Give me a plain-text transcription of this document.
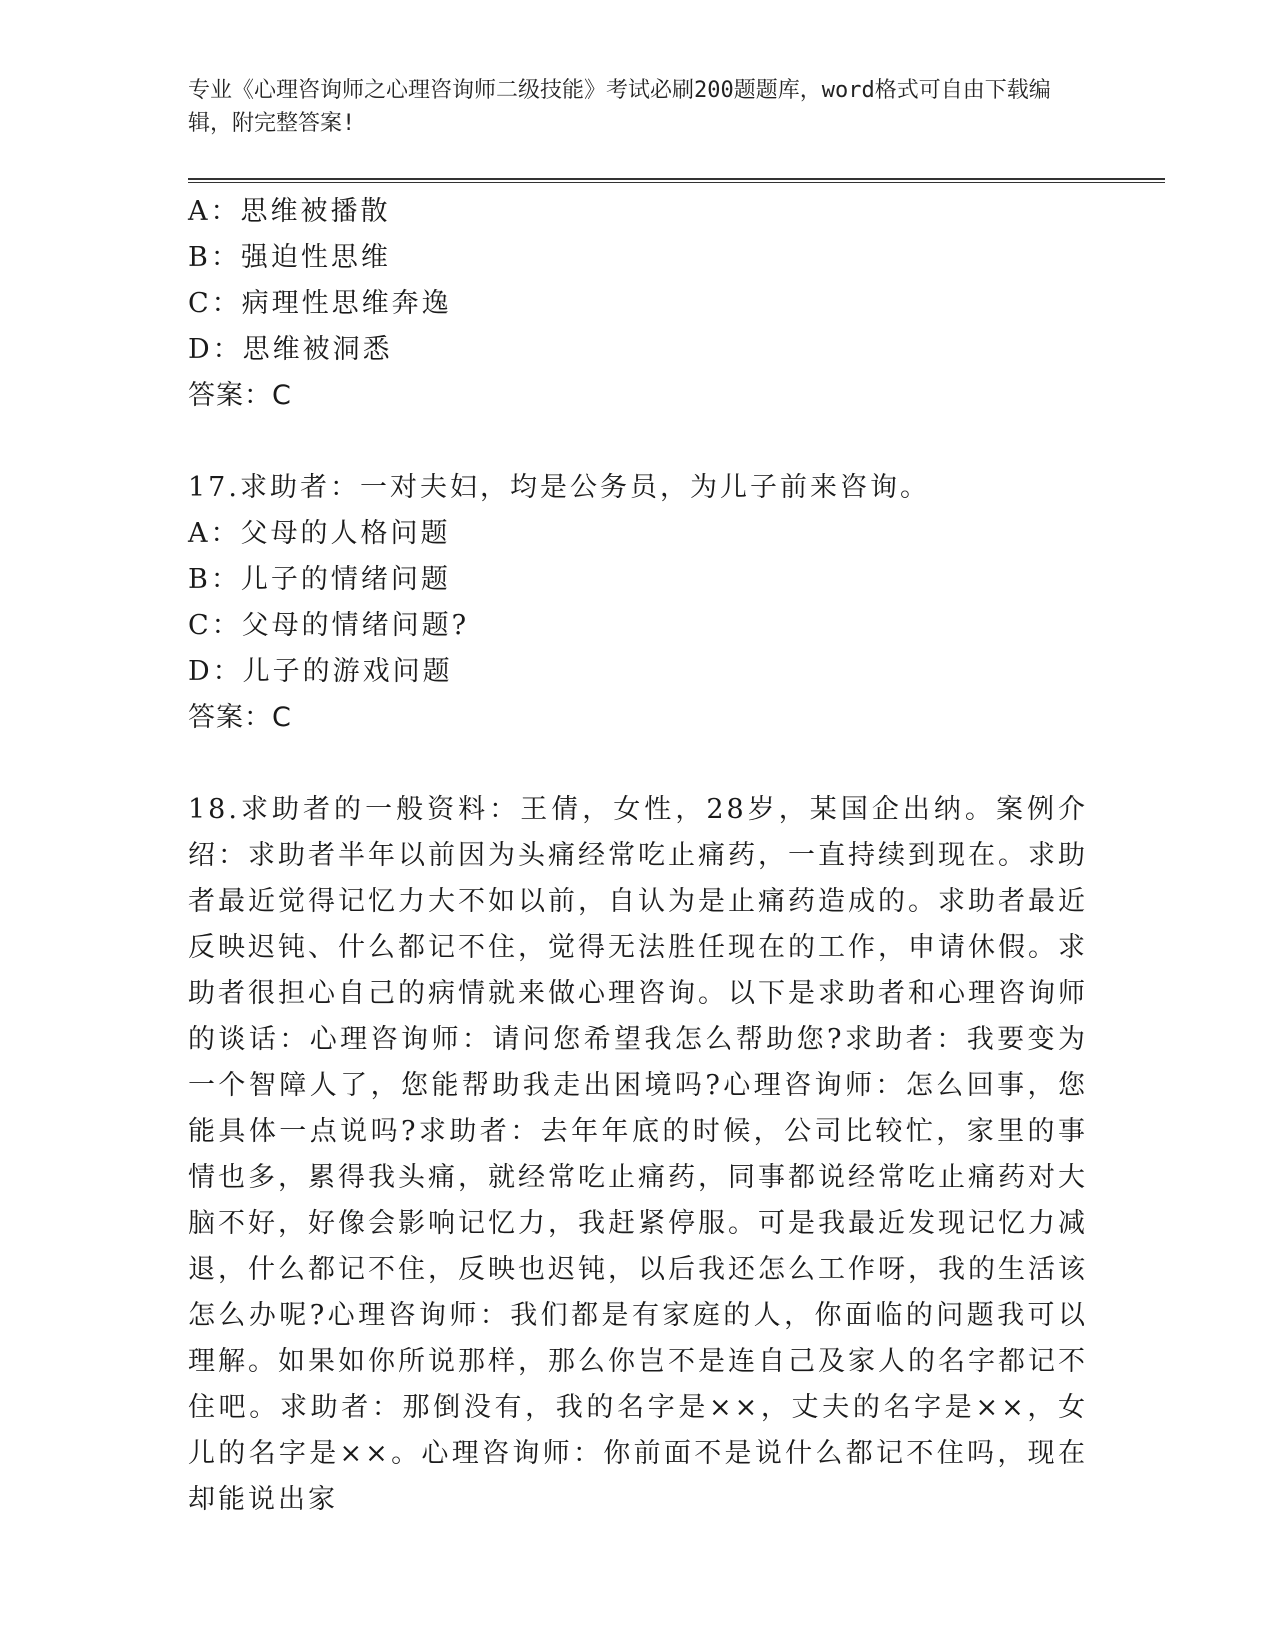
专业《心理咨询师之心理咨询师二级技能》考试必刷200题题库，word格式可自由下载编辑，附完整答案!
A：思维被播散
B：强迫性思维
C：病理性思维奔逸
D：思维被洞悉
答案：C
17.求助者：一对夫妇，均是公务员，为儿子前来咨询。
A：父母的人格问题
B：儿子的情绪问题
C：父母的情绪问题?
D：儿子的游戏问题
答案：C
18.求助者的一般资料：王倩，女性，28岁，某国企出纳。案例介绍：求助者半年以前因为头痛经常吃止痛药，一直持续到现在。求助者最近觉得记忆力大不如以前，自认为是止痛药造成的。求助者最近反映迟钝、什么都记不住，觉得无法胜任现在的工作，申请休假。求助者很担心自己的病情就来做心理咨询。以下是求助者和心理咨询师的谈话：心理咨询师：请问您希望我怎么帮助您?求助者：我要变为一个智障人了，您能帮助我走出困境吗?心理咨询师：怎么回事，您能具体一点说吗?求助者：去年年底的时候，公司比较忙，家里的事情也多，累得我头痛，就经常吃止痛药，同事都说经常吃止痛药对大脑不好，好像会影响记忆力，我赶紧停服。可是我最近发现记忆力减退，什么都记不住，反映也迟钝，以后我还怎么工作呀，我的生活该怎么办呢?心理咨询师：我们都是有家庭的人，你面临的问题我可以理解。如果如你所说那样，那么你岂不是连自己及家人的名字都记不住吧。求助者：那倒没有，我的名字是××，丈夫的名字是××，女儿的名字是××。心理咨询师：你前面不是说什么都记不住吗，现在却能说出家
